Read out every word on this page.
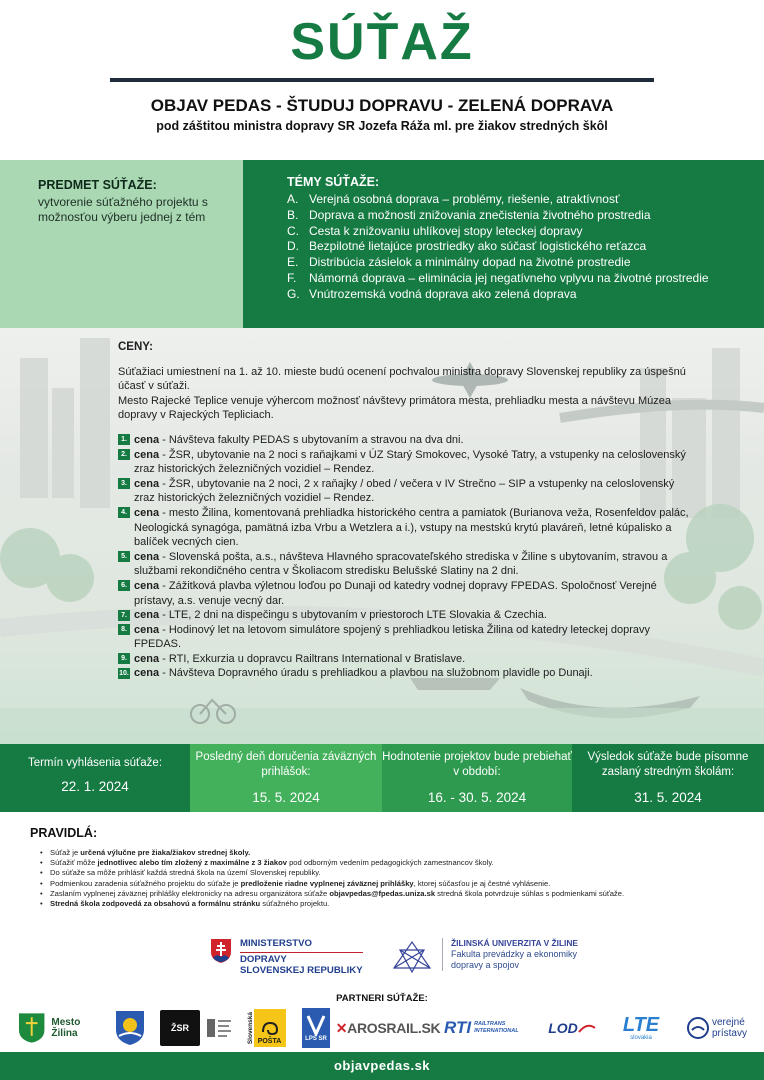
SÚŤAŽ
OBJAV PEDAS - ŠTUDUJ DOPRAVU - ZELENÁ DOPRAVA
pod záštitou ministra dopravy SR Jozefa Ráža ml. pre žiakov stredných škôl
PREDMET SÚŤAŽE:
vytvorenie súťažného projektu s možnosťou výberu jednej z tém
TÉMY SÚŤAŽE:
A. Verejná osobná doprava – problémy, riešenie, atraktívnosť
B. Doprava a možnosti znižovania znečistenia životného prostredia
C. Cesta k znižovaniu uhlíkovej stopy leteckej dopravy
D. Bezpilotné lietajúce prostriedky ako súčasť logistického reťazca
E. Distribúcia zásielok a minimálny dopad na životné prostredie
F.	Námorná doprava – eliminácia jej negatívneho vplyvu na životné prostredie
G. Vnútrozemská vodná doprava ako zelená doprava
CENY:

Súťažiaci umiestnení na 1. až 10. mieste budú ocenení pochvalou ministra dopravy Slovenskej republiky za úspešnú účasť v súťaži.

Mesto Rajecké Teplice venuje výhercom možnosť návštevy primátora mesta, prehliadku mesta a návštevu Múzea dopravy v Rajeckých Tepliciach.

1. cena - Návšteva fakulty PEDAS s ubytovaním a stravou na dva dni.
2. cena - ŽSR, ubytovanie na 2 noci s raňajkami v ÚZ Starý Smokovec, Vysoké Tatry, a vstupenky na celoslovenský zraz historických železničných vozidiel – Rendez.
3. cena - ŽSR, ubytovanie na 2 noci, 2 x raňajky / obed / večera v IV Strečno – SIP a vstupenky na celoslovenský zraz historických železničných vozidiel – Rendez.
4. cena - mesto Žilina, komentovaná prehliadka historického centra a pamiatok (Burianova veža, Rosenfeldov palác, Neologická synagóga, pamätná izba Vrbu a Wetzlera a i.), vstupy na mestskú krytú plaváreň, letné kúpalisko a balíček vecných cien.
5. cena - Slovenská pošta, a.s., návšteva Hlavného spracovateľského strediska v Žiline s ubytovaním, stravou a službami rekondičného centra v Školiacom stredisku Belušské Slatiny na 2 dni.
6. cena - Zážitková plavba výletnou loďou po Dunaji od katedry vodnej dopravy FPEDAS. Spoločnosť Verejné prístavy, a.s. venuje vecný dar.
7. cena - LTE, 2 dni na dispečingu s ubytovaním v priestoroch LTE Slovakia & Czechia.
8. cena - Hodinový let na letovom simulátore spojený s prehliadkou letiska Žilina od katedry leteckej dopravy FPEDAS.
9. cena - RTI, Exkurzia u dopravcu Railtrans International v Bratislave.
10. cena - Návšteva Dopravného úradu s prehliadkou a plavbou na služobnom plavidle po Dunaji.
Termín vyhlásenia súťaže:
22. 1. 2024
Posledný deň doručenia záväzných prihlášok:
15. 5. 2024
Hodnotenie projektov bude prebiehať v období:
16. - 30. 5. 2024
Výsledok súťaže bude písomne zaslaný stredným školám:
31. 5. 2024
PRAVIDLÁ:
• Súťaž je určená výlučne pre žiaka/žiakov strednej školy.
• Súťažiť môže jednotlivec alebo tím zložený z maximálne z 3 žiakov pod odborným vedením pedagogických zamestnancov školy.
• Do súťaže sa môže prihlásiť každá stredná škola na území Slovenskej republiky.
• Podmienkou zaradenia súťažného projektu do súťaže je predloženie riadne vyplnenej záväznej prihlášky, ktorej súčasťou je aj čestné vyhlásenie.
• Zaslaním vyplnenej záväznej prihlášky elektronicky na adresu organizátora súťaže objavpedas@fpedas.uniza.sk stredná škola potvrdzuje súhlas s podmienkami súťaže.
• Stredná škola zodpovedá za obsahovú a formálnu stránku súťažného projektu.
MINISTERSTVO
DOPRAVY
SLOVENSKEJ REPUBLIKY
ŽILINSKÁ UNIVERZITA V ŽILINE
Fakulta prevádzky a ekonomiky
dopravy a spojov
PARTNERI SÚŤAŽE:
Mesto Žilina	ŽSR	Slovenská POŠTA	LPS SR
✕AROSRAIL.SK RTI RAILTRANS
INTERNATIONAL LOD LTE
slovakia
verejné
prístavy
objavpedas.sk
